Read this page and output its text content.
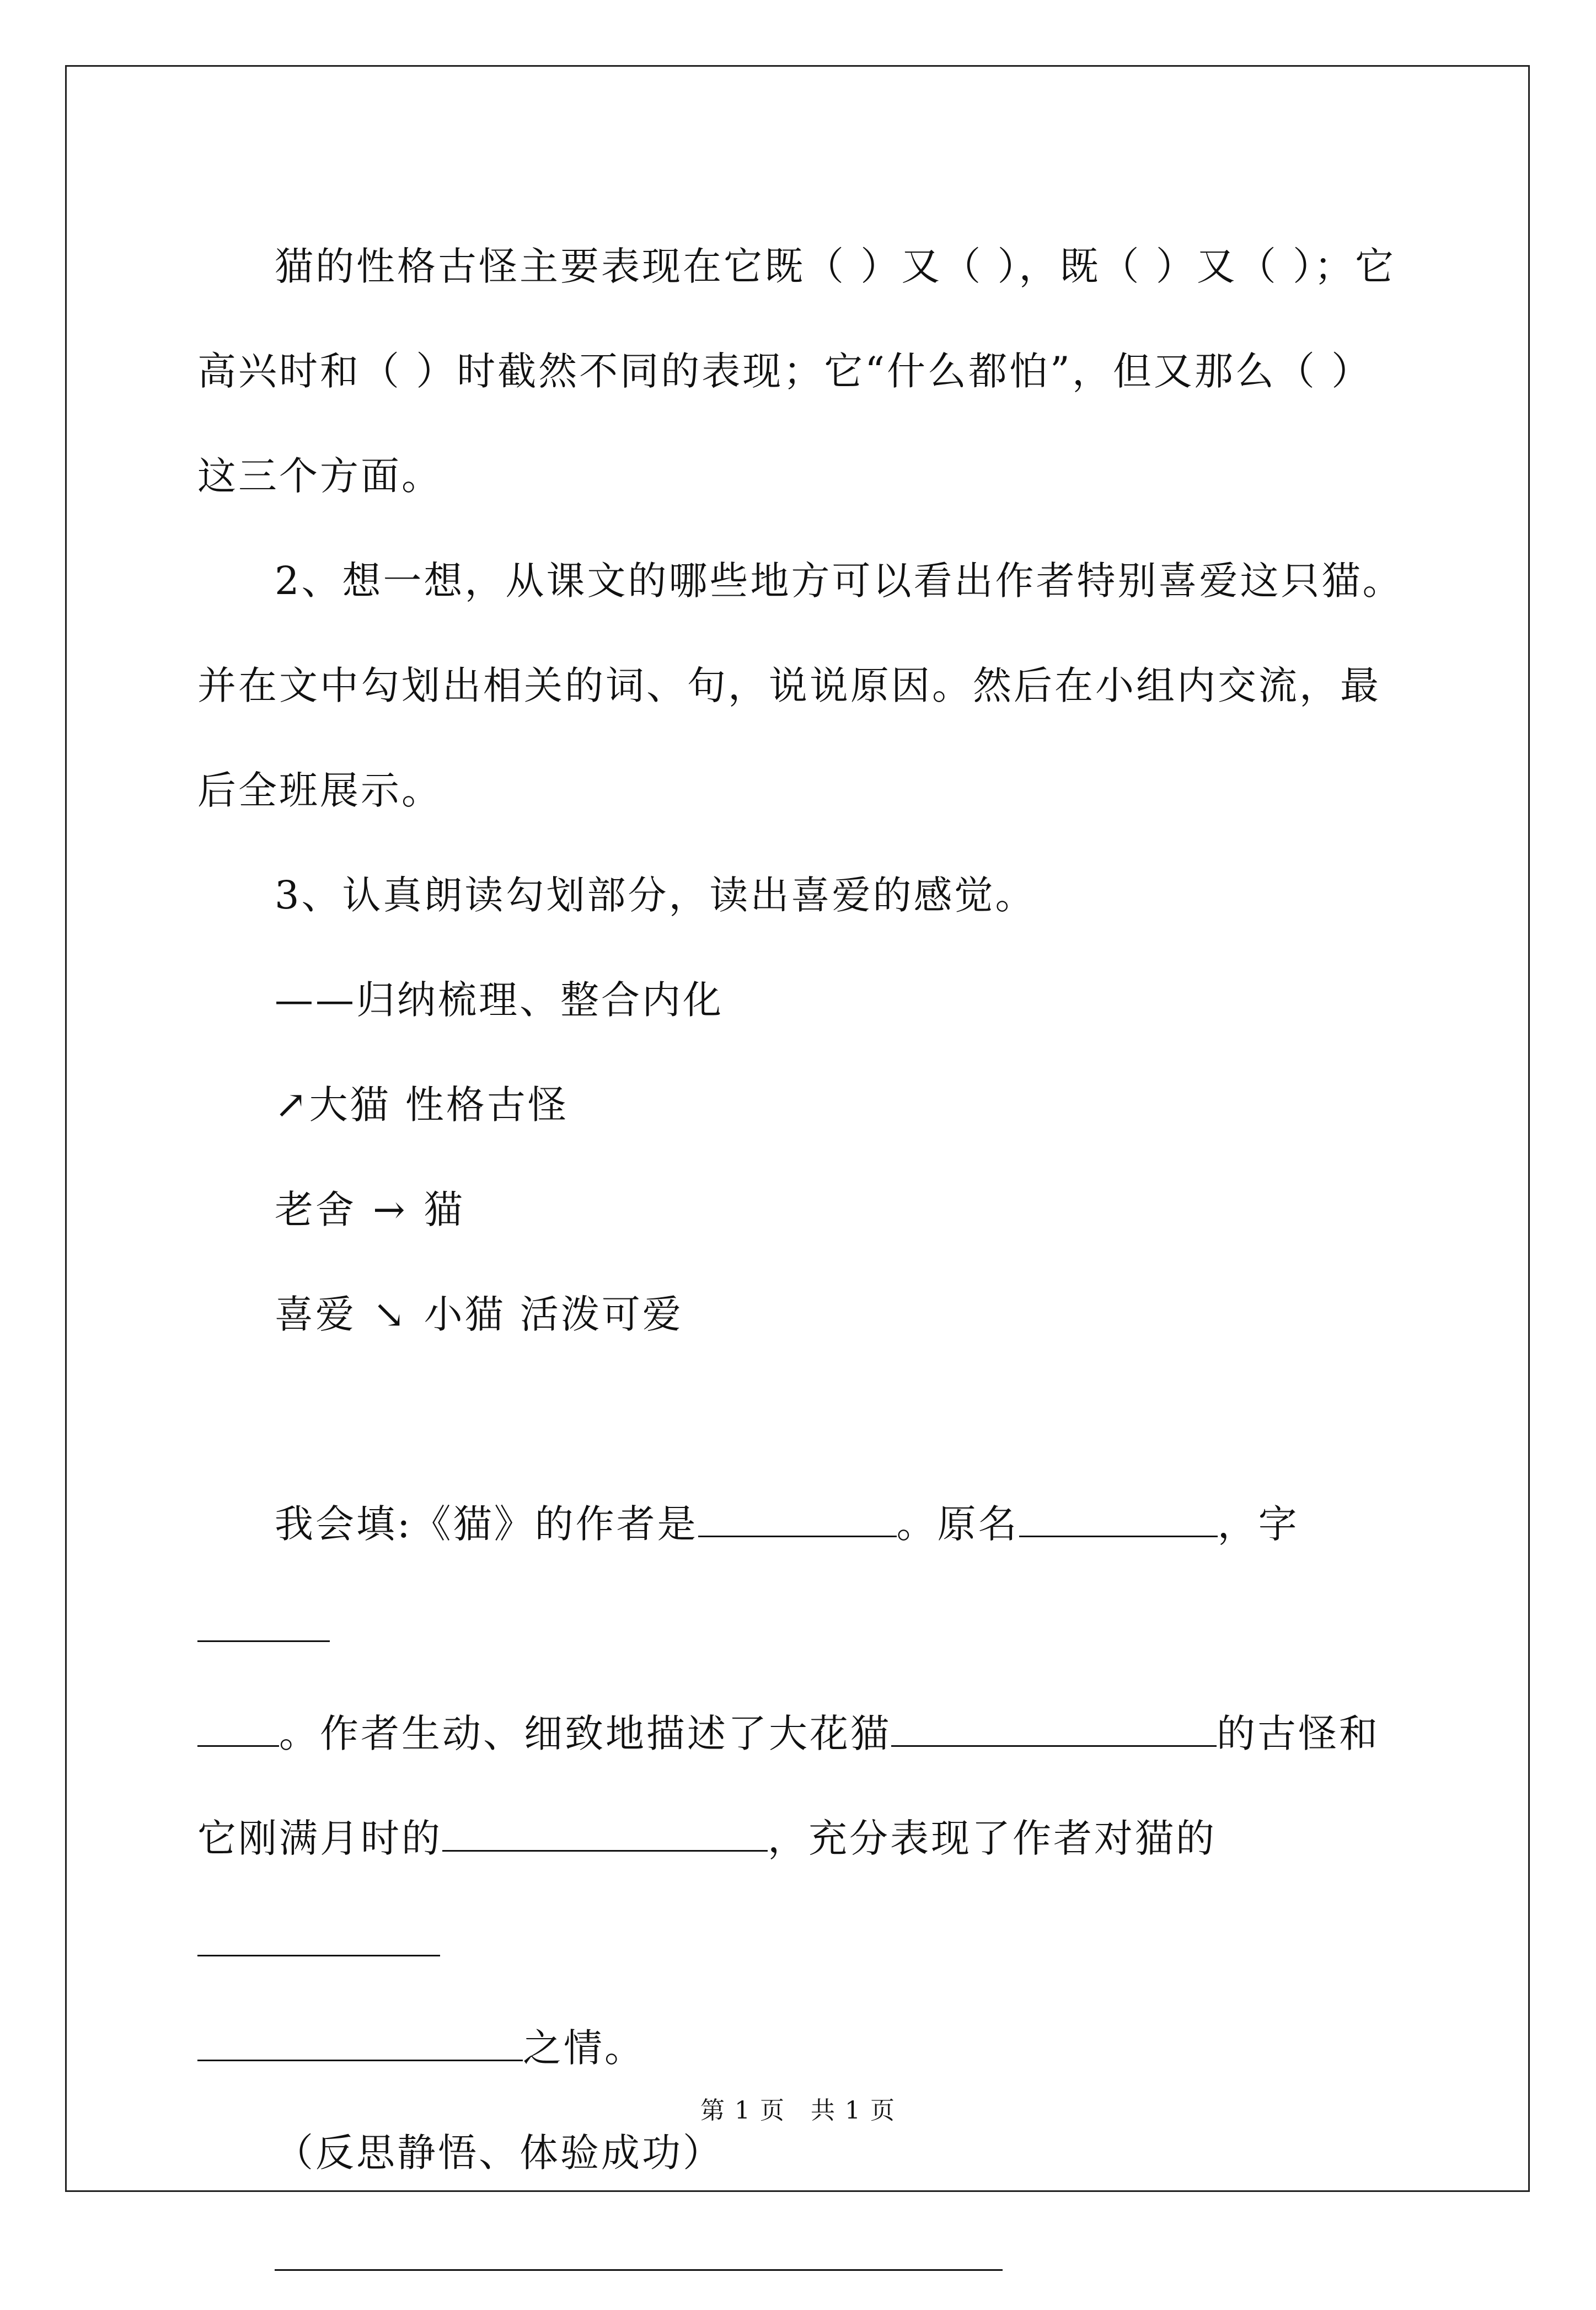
猫的性格古怪主要表现在它既（ ）又（ ），既（ ）又（ ）；它高兴时和（ ）时截然不同的表现；它“什么都怕”，但又那么（ ）这三个方面。

2、想一想，从课文的哪些地方可以看出作者特别喜爱这只猫。并在文中勾划出相关的词、句，说说原因。然后在小组内交流，最后全班展示。

3、认真朗读勾划部分，读出喜爱的感觉。

——归纳梳理、整合内化

↗大猫 性格古怪

老舍 → 猫

喜爱 ↘ 小猫 活泼可爱

我会填:《猫》的作者是	。原名	，字
。作者生动、细致地描述了大花猫	的古怪和它刚满月时的	，充分表现了作者对猫的
之情。

（反思静悟、体验成功）

第 1 页　共 1 页
